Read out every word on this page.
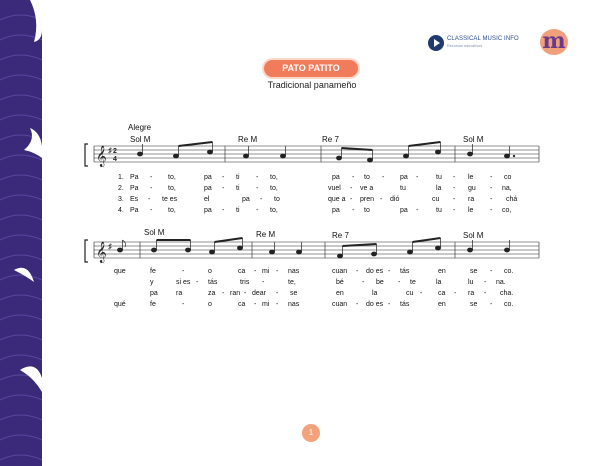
CLASSICAL MUSIC INFO
Recursos educativos	m
PATO PATITO
Tradicional panameño
Alegre
Sol M	Re M	Re 7	Sol M
𝄞 ♯ 2
4
1. Pa - to,	pa - ti - to,	pa - to - pa -	tu - le - co
2. Pa - to,	pa - ti - to,	vuel - ve a	tu	la - gu - na,
3. Es - te es	el	pa - to	que a - pren - dió	cu - ra - chá
4. Pa - to,	pa - ti - to,	pa - to	pa -	tu - le - co,
Sol M	Re M	Re 7	Sol M
𝄞 ♯
que	fe	-	o	ca - mi - nas	cuan - do es - tás	en	se - co.
y	si es - tás	tris -	te,	bé	- be - te	la	lu - na.
pa	ra	za - ran - dear - se	en	la	cu - ca - ra - cha.
qué	fe	-	o	ca - mi - nas	cuan - do es - tás	en	se - co.
1
